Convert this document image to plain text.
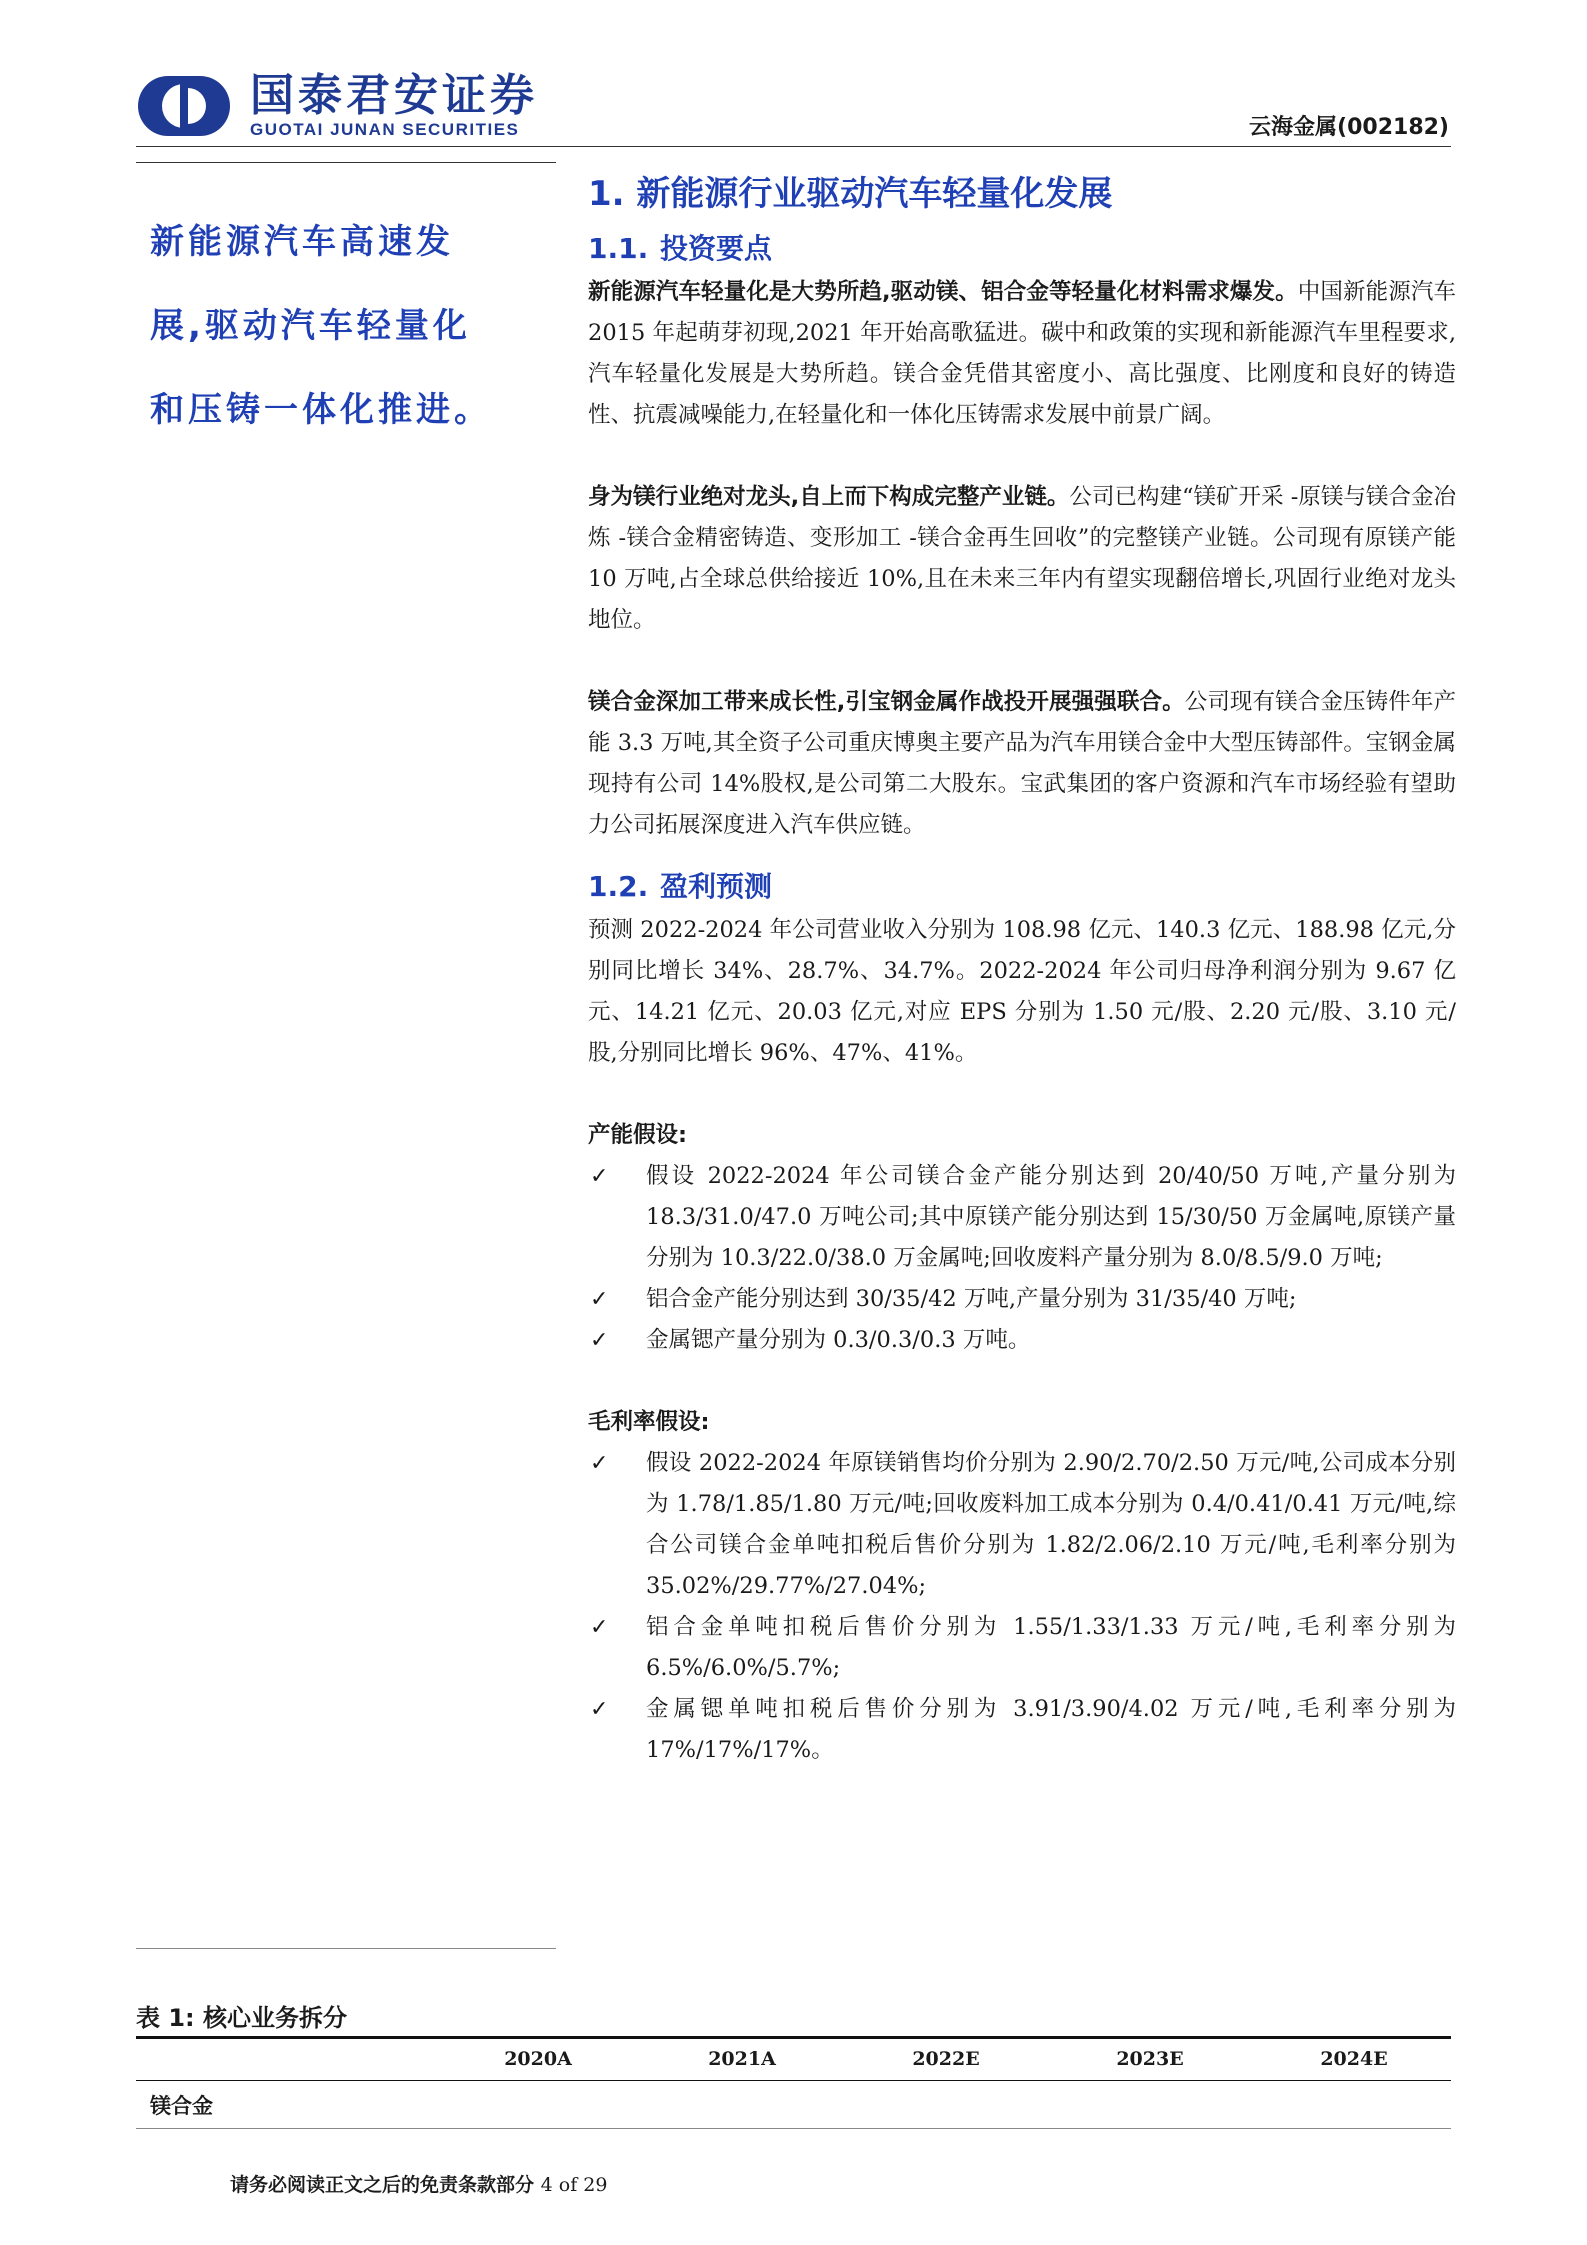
国泰君安证券
GUOTAI JUNAN SECURITIES	云海金属(002182)
新能源汽车高速发
展,驱动汽车轻量化
和压铸一体化推进。
1. 新能源行业驱动汽车轻量化发展
1.1. 投资要点

新能源汽车轻量化是大势所趋,驱动镁、铝合金等轻量化材料需求爆发。中国新能源汽车 2015 年起萌芽初现,2021 年开始高歌猛进。碳中和政策的实现和新能源汽车里程要求,汽车轻量化发展是大势所趋。镁合金凭借其密度小、高比强度、比刚度和良好的铸造性、抗震减噪能力,在轻量化和一体化压铸需求发展中前景广阔。

身为镁行业绝对龙头,自上而下构成完整产业链。公司已构建“镁矿开采 -原镁与镁合金冶炼 -镁合金精密铸造、变形加工 -镁合金再生回收”的完整镁产业链。公司现有原镁产能 10 万吨,占全球总供给接近 10%,且在未来三年内有望实现翻倍增长,巩固行业绝对龙头地位。

镁合金深加工带来成长性,引宝钢金属作战投开展强强联合。公司现有镁合金压铸件年产能 3.3 万吨,其全资子公司重庆博奥主要产品为汽车用镁合金中大型压铸部件。宝钢金属现持有公司 14%股权,是公司第二大股东。宝武集团的客户资源和汽车市场经验有望助力公司拓展深度进入汽车供应链。

1.2. 盈利预测

预测 2022-2024 年公司营业收入分别为 108.98 亿元、140.3 亿元、188.98 亿元,分别同比增长 34%、28.7%、34.7%。2022-2024 年公司归母净利润分别为 9.67 亿元、14.21 亿元、20.03 亿元,对应 EPS 分别为 1.50 元/股、2.20 元/股、3.10 元/股,分别同比增长 96%、47%、41%。

产能假设:
✓	假设 2022-2024 年公司镁合金产能分别达到 20/40/50 万吨,产量分别为 18.3/31.0/47.0 万吨公司;其中原镁产能分别达到 15/30/50 万金属吨,原镁产量分别为 10.3/22.0/38.0 万金属吨;回收废料产量分别为 8.0/8.5/9.0 万吨;
✓	铝合金产能分别达到 30/35/42 万吨,产量分别为 31/35/40 万吨;
✓	金属锶产量分别为 0.3/0.3/0.3 万吨。
毛利率假设:
✓	假设 2022-2024 年原镁销售均价分别为 2.90/2.70/2.50 万元/吨,公司成本分别为 1.78/1.85/1.80 万元/吨;回收废料加工成本分别为 0.4/0.41/0.41 万元/吨,综合公司镁合金单吨扣税后售价分别为 1.82/2.06/2.10 万元/吨,毛利率分别为 35.02%/29.77%/27.04%;
✓	铝合金单吨扣税后售价分别为 1.55/1.33/1.33 万元/吨,毛利率分别为 6.5%/6.0%/5.7%;
✓	金属锶单吨扣税后售价分别为 3.91/3.90/4.02 万元/吨,毛利率分别为 17%/17%/17%。
表 1: 核心业务拆分
2020A	2021A	2022E	2023E	2024E
镁合金
请务必阅读正文之后的免责条款部分 4 of 29
